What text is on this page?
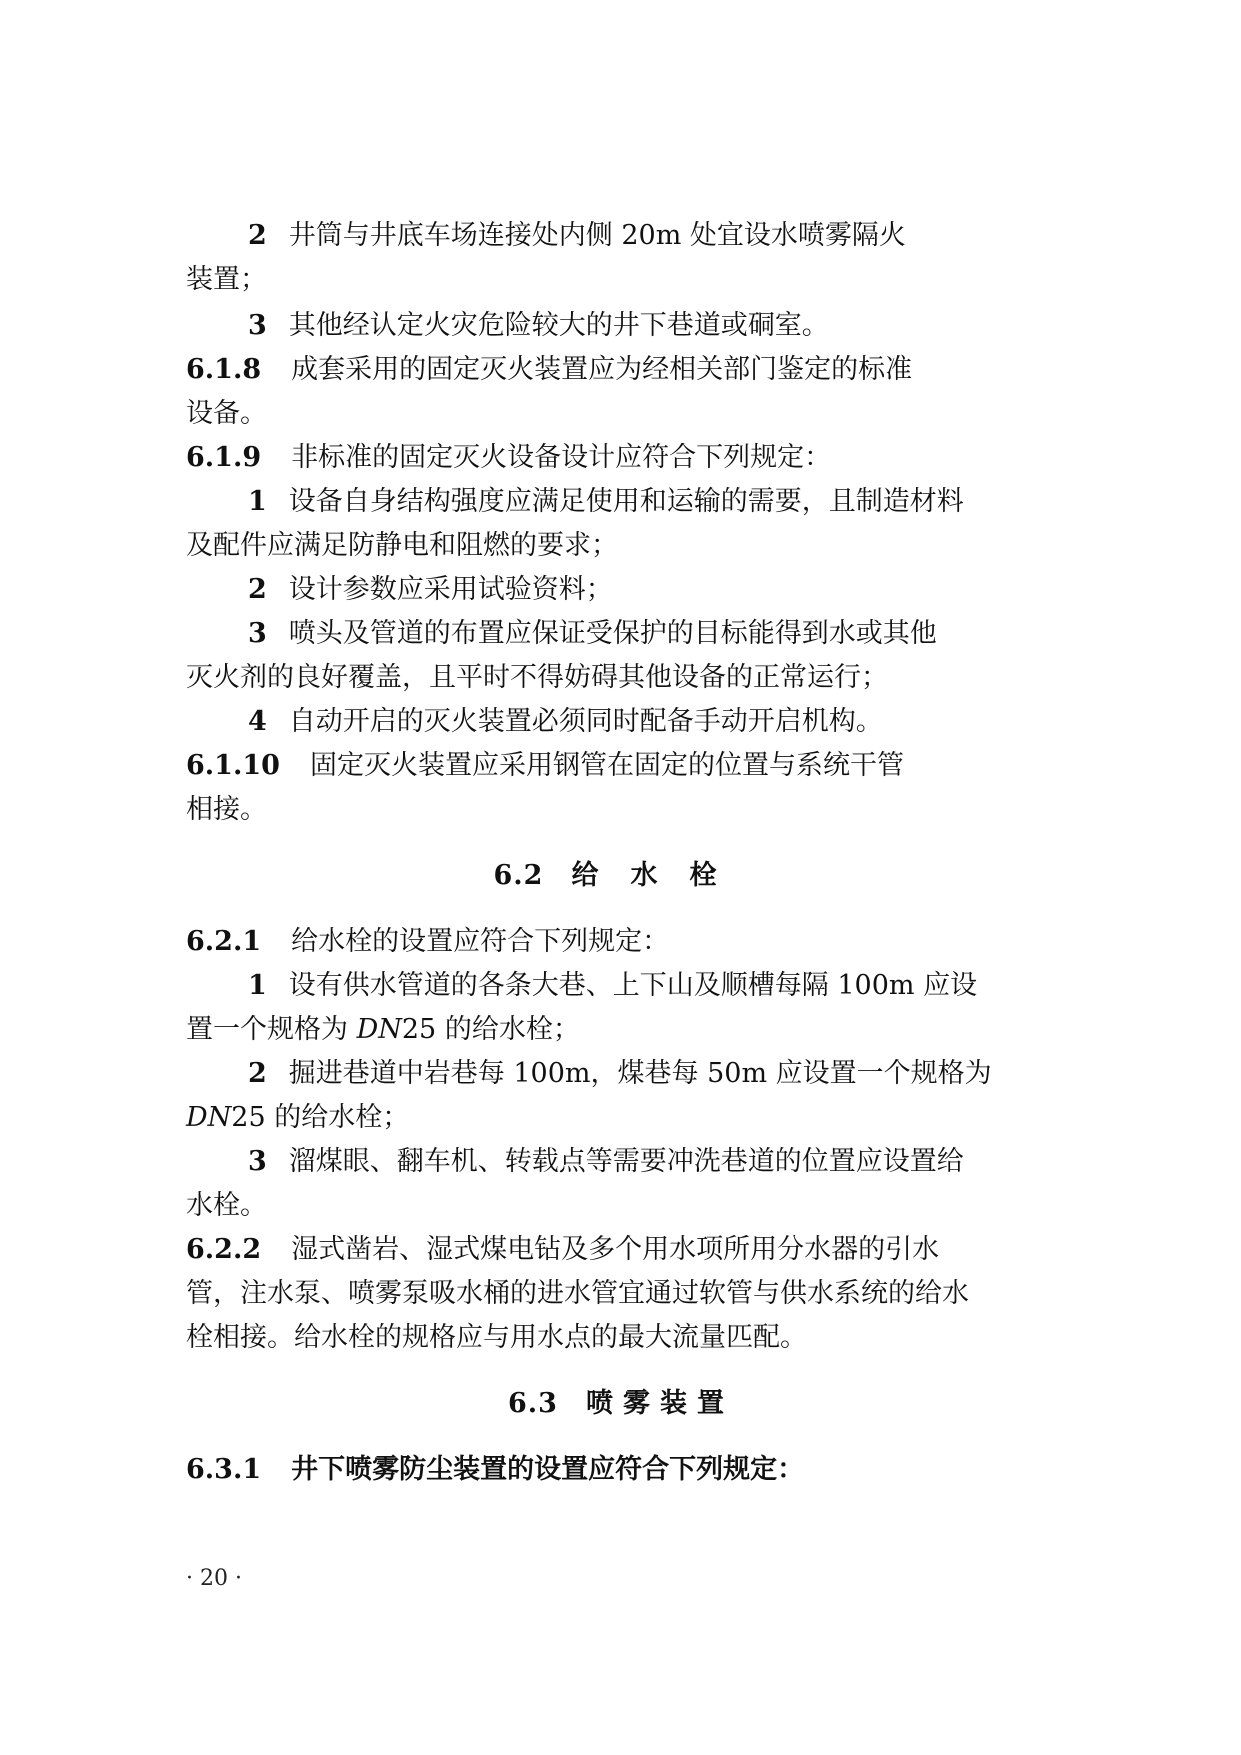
2 井筒与井底车场连接处内侧 20m 处宜设水喷雾隔火

装置；

3 其他经认定火灾危险较大的井下巷道或硐室。

6.1.8 成套采用的固定灭火装置应为经相关部门鉴定的标准

设备。

6.1.9 非标准的固定灭火设备设计应符合下列规定：

1 设备自身结构强度应满足使用和运输的需要，且制造材料

及配件应满足防静电和阻燃的要求；

2 设计参数应采用试验资料；

3 喷头及管道的布置应保证受保护的目标能得到水或其他

灭火剂的良好覆盖，且平时不得妨碍其他设备的正常运行；

4 自动开启的灭火装置必须同时配备手动开启机构。

6.1.10 固定灭火装置应采用钢管在固定的位置与系统干管

相接。

6.2 给水栓

6.2.1 给水栓的设置应符合下列规定：

1 设有供水管道的各条大巷、上下山及顺槽每隔 100m 应设

置一个规格为 DN25 的给水栓；

2 掘进巷道中岩巷每 100m，煤巷每 50m 应设置一个规格为

DN25 的给水栓；

3 溜煤眼、翻车机、转载点等需要冲洗巷道的位置应设置给

水栓。

6.2.2 湿式凿岩、湿式煤电钻及多个用水项所用分水器的引水

管，注水泵、喷雾泵吸水桶的进水管宜通过软管与供水系统的给水

栓相接。给水栓的规格应与用水点的最大流量匹配。

6.3 喷雾装置

6.3.1 井下喷雾防尘装置的设置应符合下列规定：

· 20 ·
